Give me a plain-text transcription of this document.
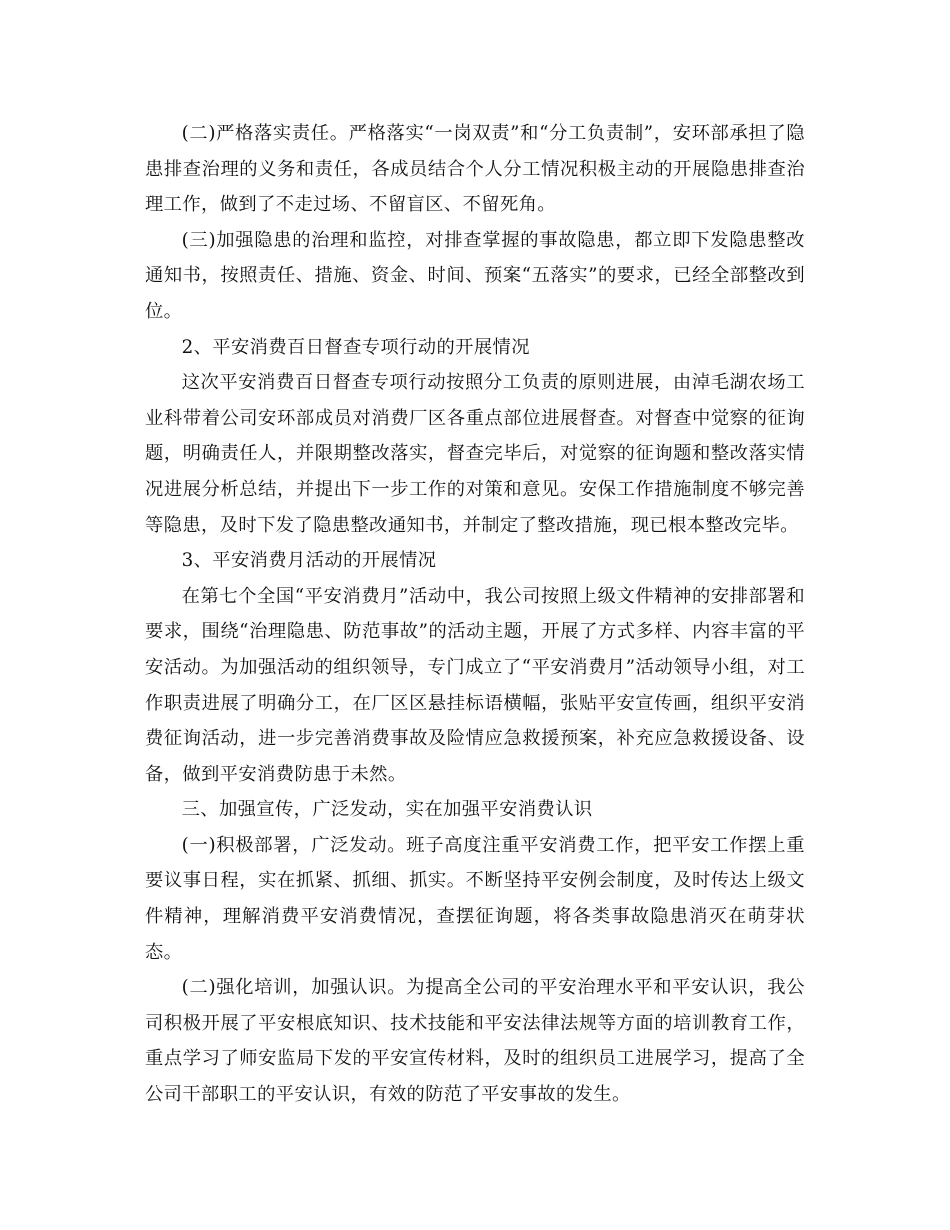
(二)严格落实责任。严格落实“一岗双责”和“分工负责制”，安环部承担了隐患排查治理的义务和责任，各成员结合个人分工情况积极主动的开展隐患排查治理工作，做到了不走过场、不留盲区、不留死角。

(三)加强隐患的治理和监控，对排查掌握的事故隐患，都立即下发隐患整改通知书，按照责任、措施、资金、时间、预案“五落实”的要求，已经全部整改到位。

2、平安消费百日督查专项行动的开展情况

这次平安消费百日督查专项行动按照分工负责的原则进展，由淖毛湖农场工业科带着公司安环部成员对消费厂区各重点部位进展督查。对督查中觉察的征询题，明确责任人，并限期整改落实，督查完毕后，对觉察的征询题和整改落实情况进展分析总结，并提出下一步工作的对策和意见。安保工作措施制度不够完善等隐患，及时下发了隐患整改通知书，并制定了整改措施，现已根本整改完毕。

3、平安消费月活动的开展情况

在第七个全国“平安消费月”活动中，我公司按照上级文件精神的安排部署和要求，围绕“治理隐患、防范事故”的活动主题，开展了方式多样、内容丰富的平安活动。为加强活动的组织领导，专门成立了“平安消费月”活动领导小组，对工作职责进展了明确分工，在厂区区悬挂标语横幅，张贴平安宣传画，组织平安消费征询活动，进一步完善消费事故及险情应急救援预案，补充应急救援设备、设备，做到平安消费防患于未然。

三、加强宣传，广泛发动，实在加强平安消费认识

(一)积极部署，广泛发动。班子高度注重平安消费工作，把平安工作摆上重要议事日程，实在抓紧、抓细、抓实。不断坚持平安例会制度，及时传达上级文件精神，理解消费平安消费情况，查摆征询题，将各类事故隐患消灭在萌芽状态。

(二)强化培训，加强认识。为提高全公司的平安治理水平和平安认识，我公司积极开展了平安根底知识、技术技能和平安法律法规等方面的培训教育工作，重点学习了师安监局下发的平安宣传材料，及时的组织员工进展学习，提高了全公司干部职工的平安认识，有效的防范了平安事故的发生。
